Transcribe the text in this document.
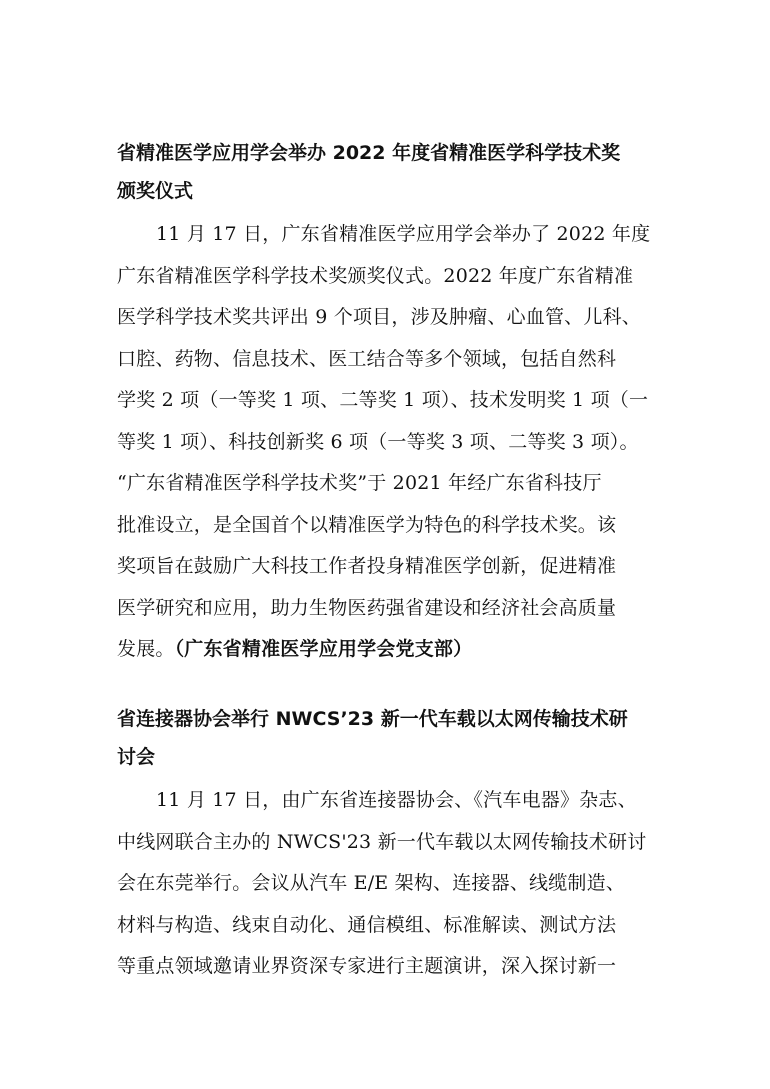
省精准医学应用学会举办 2022 年度省精准医学科学技术奖
颁奖仪式

11 月 17 日，广东省精准医学应用学会举办了 2022 年度

广东省精准医学科学技术奖颁奖仪式。2022 年度广东省精准

医学科学技术奖共评出 9 个项目，涉及肿瘤、心血管、儿科、

口腔、药物、信息技术、医工结合等多个领域，包括自然科

学奖 2 项（一等奖 1 项、二等奖 1 项）、技术发明奖 1 项（一

等奖 1 项）、科技创新奖 6 项（一等奖 3 项、二等奖 3 项）。

“广东省精准医学科学技术奖”于 2021 年经广东省科技厅

批准设立，是全国首个以精准医学为特色的科学技术奖。该

奖项旨在鼓励广大科技工作者投身精准医学创新，促进精准

医学研究和应用，助力生物医药强省建设和经济社会高质量

发展。（广东省精准医学应用学会党支部）

省连接器协会举行 NWCS’23 新一代车载以太网传输技术研
讨会

11 月 17 日，由广东省连接器协会、《汽车电器》杂志、

中线网联合主办的 NWCS'23 新一代车载以太网传输技术研讨

会在东莞举行。会议从汽车 E/E 架构、连接器、线缆制造、

材料与构造、线束自动化、通信模组、标准解读、测试方法

等重点领域邀请业界资深专家进行主题演讲，深入探讨新一
